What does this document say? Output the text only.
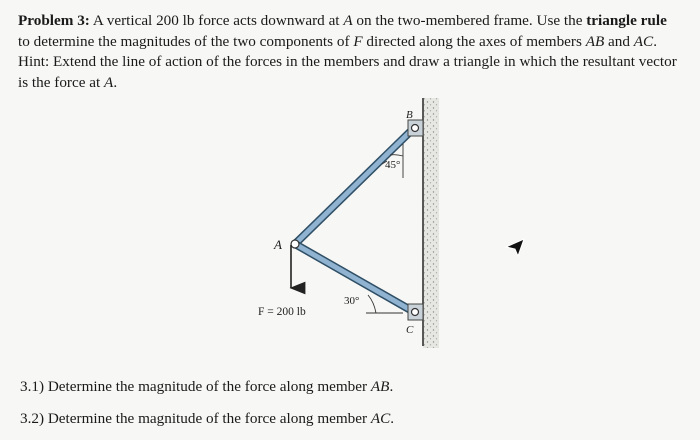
Problem 3: A vertical 200 lb force acts downward at A on the two-membered frame. Use the triangle rule to determine the magnitudes of the two components of F directed along the axes of members AB and AC. Hint: Extend the line of action of the forces in the members and draw a triangle in which the resultant vector is the force at A.
A
B
C
45°
30°
F = 200 lb
3.1) Determine the magnitude of the force along member AB.
3.2) Determine the magnitude of the force along member AC.
